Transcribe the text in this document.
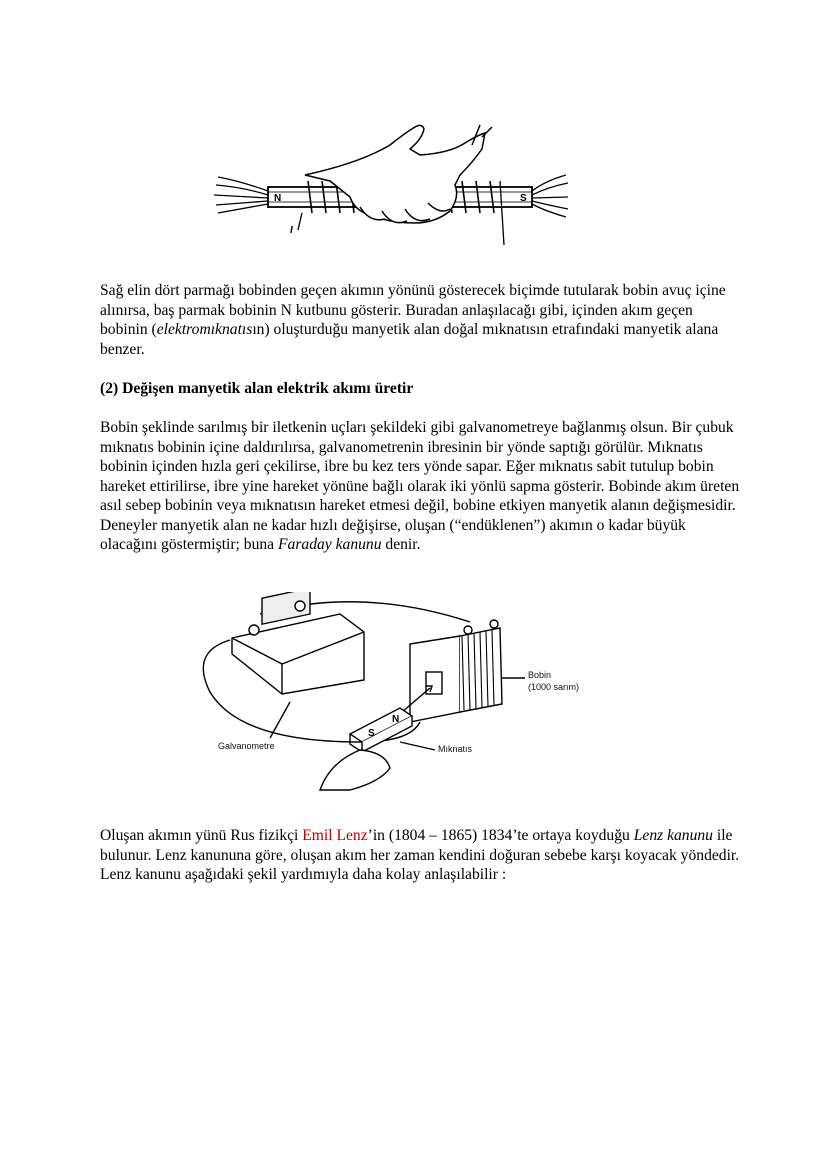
N	S
I

Sağ elin dört parmağı bobinden geçen akımın yönünü gösterecek biçimde tutularak bobin avuç içine alınırsa, baş parmak bobinin N kutbunu gösterir. Buradan anlaşılacağı gibi, içinden akım geçen bobinin (elektromıknatısın) oluşturduğu manyetik alan doğal mıknatısın etrafındaki manyetik alana benzer.

(2) Değişen manyetik alan elektrik akımı üretir

Bobin şeklinde sarılmış bir iletkenin uçları şekildeki gibi galvanometreye bağlanmış olsun. Bir çubuk mıknatıs bobinin içine daldırılırsa, galvanometrenin ibresinin bir yönde saptığı görülür. Mıknatıs bobinin içinden hızla geri çekilirse, ibre bu kez ters yönde sapar. Eğer mıknatıs sabit tutulup bobin hareket ettirilirse, ibre yine hareket yönüne bağlı olarak iki yönlü sapma gösterir. Bobinde akım üreten asıl sebep bobinin veya mıknatısın hareket etmesi değil, bobine etkiyen manyetik alanın değişmesidir. Deneyler manyetik alan ne kadar hızlı değişirse, oluşan (“endüklenen”) akımın o kadar büyük olacağını göstermiştir; buna Faraday kanunu denir.

Bobin
(1000 sarım)
Galvanometre	Mıknatıs
S
N

Oluşan akımın yünü Rus fizikçi Emil Lenz’in (1804 – 1865) 1834’te ortaya koyduğu Lenz kanunu ile bulunur. Lenz kanununa göre, oluşan akım her zaman kendini doğuran sebebe karşı koyacak yöndedir. Lenz kanunu aşağıdaki şekil yardımıyla daha kolay anlaşılabilir :
